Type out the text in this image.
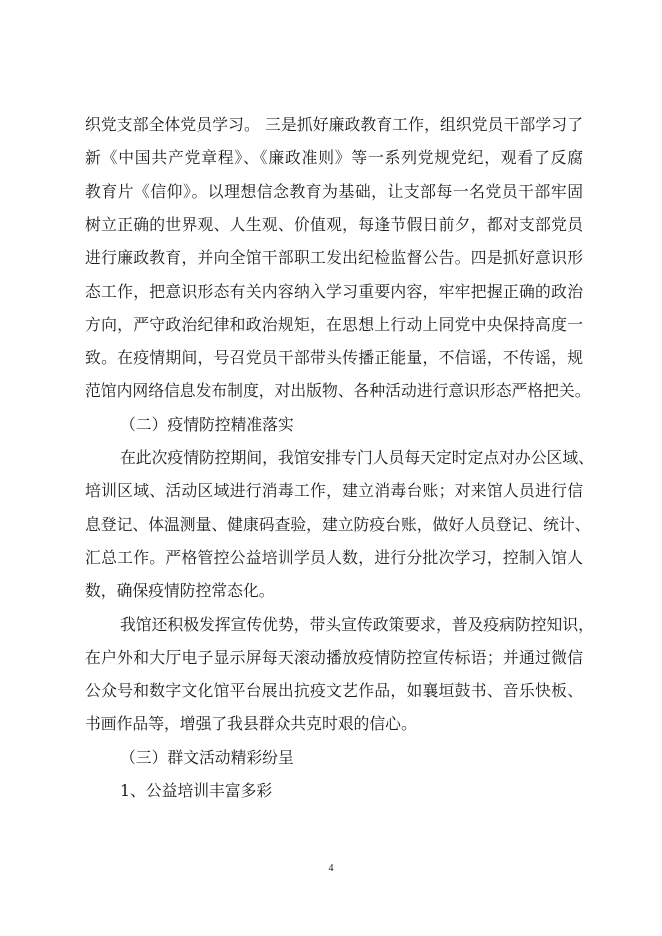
织党支部全体党员学习。 三是抓好廉政教育工作，组织党员干部学习了
新《中国共产党章程》、《廉政准则》等一系列党规党纪，观看了反腐
教育片《信仰》。以理想信念教育为基础，让支部每一名党员干部牢固
树立正确的世界观、人生观、价值观，每逢节假日前夕，都对支部党员
进行廉政教育，并向全馆干部职工发出纪检监督公告。四是抓好意识形
态工作，把意识形态有关内容纳入学习重要内容，牢牢把握正确的政治
方向，严守政治纪律和政治规矩，在思想上行动上同党中央保持高度一
致。在疫情期间，号召党员干部带头传播正能量，不信谣，不传谣，规
范馆内网络信息发布制度，对出版物、各种活动进行意识形态严格把关。
（二）疫情防控精准落实
在此次疫情防控期间，我馆安排专门人员每天定时定点对办公区域、
培训区域、活动区域进行消毒工作，建立消毒台账；对来馆人员进行信
息登记、体温测量、健康码查验，建立防疫台账，做好人员登记、统计、
汇总工作。严格管控公益培训学员人数，进行分批次学习，控制入馆人
数，确保疫情防控常态化。
我馆还积极发挥宣传优势，带头宣传政策要求，普及疫病防控知识，
在户外和大厅电子显示屏每天滚动播放疫情防控宣传标语；并通过微信
公众号和数字文化馆平台展出抗疫文艺作品，如襄垣鼓书、音乐快板、
书画作品等，增强了我县群众共克时艰的信心。
（三）群文活动精彩纷呈
1、公益培训丰富多彩
4
